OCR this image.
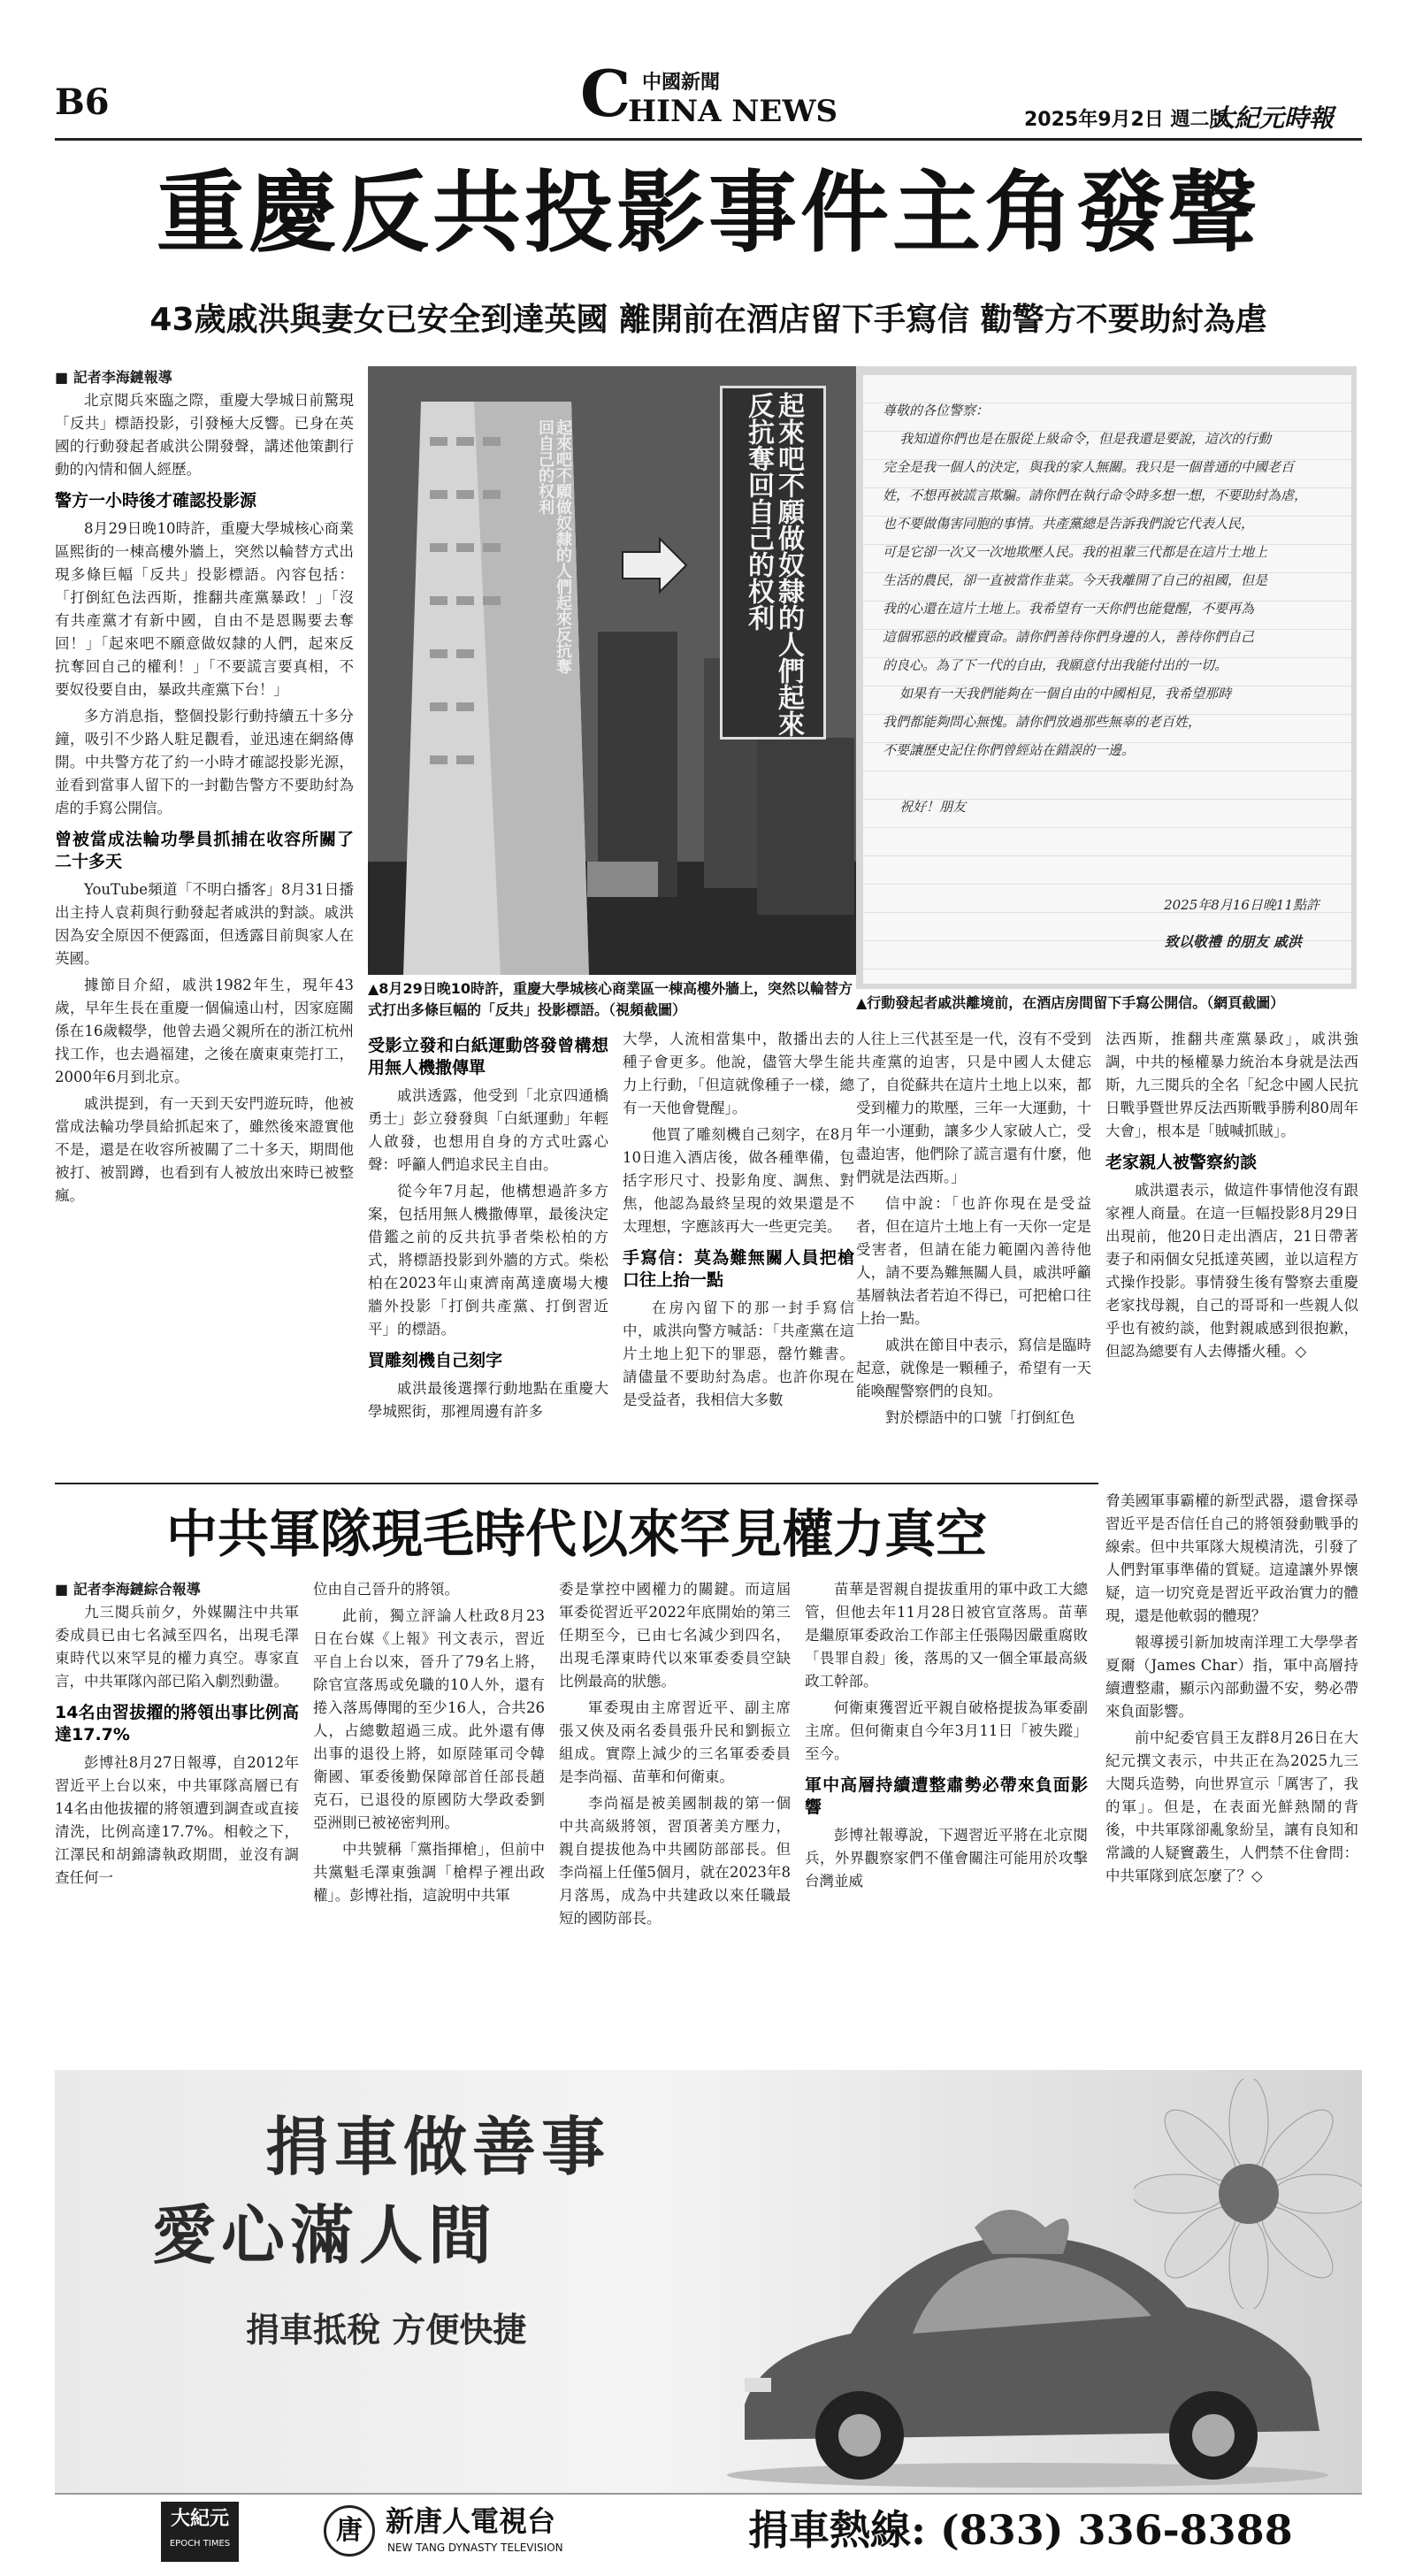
B6	C 中國新聞
HINA NEWS	2025年9月2日 週二版
大紀元時報
重慶反共投影事件主角發聲
43歲戚洪與妻女已安全到達英國 離開前在酒店留下手寫信 勸警方不要助紂為虐
■ 記者李海鏈報導
北京閱兵來臨之際，重慶大學城日前驚現「反共」標語投影，引發極大反響。已身在英國的行動發起者戚洪公開發聲，講述他策劃行動的內情和個人經歷。
警方一小時後才確認投影源
8月29日晚10時許，重慶大學城核心商業區熙街的一棟高樓外牆上，突然以輪替方式出現多條巨幅「反共」投影標語。內容包括：「打倒紅色法西斯，推翻共產黨暴政！」「沒有共產黨才有新中國，自由不是恩賜要去奪回！」「起來吧不願意做奴隸的人們，起來反抗奪回自己的權利！」「不要謊言要真相，不要奴役要自由，暴政共產黨下台！」
多方消息指，整個投影行動持續五十多分鐘，吸引不少路人駐足觀看，並迅速在網絡傳開。中共警方花了約一小時才確認投影光源，並看到當事人留下的一封勸告警方不要助紂為虐的手寫公開信。
曾被當成法輪功學員抓捕在收容所關了二十多天
YouTube頻道「不明白播客」8月31日播出主持人袁莉與行動發起者戚洪的對談。戚洪因為安全原因不便露面，但透露目前與家人在英國。
據節目介紹，戚洪1982年生，現年43歲，早年生長在重慶一個偏遠山村，因家庭關係在16歲輟學，他曾去過父親所在的浙江杭州找工作，也去過福建，之後在廣東東莞打工，2000年6月到北京。
戚洪提到，有一天到天安門遊玩時，他被當成法輪功學員給抓起來了，雖然後來證實他不是，還是在收容所被關了二十多天，期間他被打、被罰蹲，也看到有人被放出來時已被整瘋。
起來吧不願做奴隸的人們起來反抗奪回自己的权利	起來吧不願做奴隸的人們起來反抗奪回自己的权利
▲8月29日晚10時許，重慶大學城核心商業區一棟高樓外牆上，突然以輪替方式打出多條巨幅的「反共」投影標語。（視頻截圖）
尊敬的各位警察：
我知道你們也是在服從上級命令，但是我還是要說，這次的行動
完全是我一個人的決定，與我的家人無關。我只是一個普通的中國老百
姓，不想再被謊言欺騙。請你們在執行命令時多想一想，不要助紂為虐，
也不要做傷害同胞的事情。共產黨總是告訴我們說它代表人民，
可是它卻一次又一次地欺壓人民。我的祖輩三代都是在這片土地上
生活的農民，卻一直被當作韭菜。今天我離開了自己的祖國，但是
我的心還在這片土地上。我希望有一天你們也能覺醒，不要再為
這個邪惡的政權賣命。請你們善待你們身邊的人，善待你們自己
的良心。為了下一代的自由，我願意付出我能付出的一切。
如果有一天我們能夠在一個自由的中國相見，我希望那時
我們都能夠問心無愧。請你們放過那些無辜的老百姓，
不要讓歷史記住你們曾經站在錯誤的一邊。
祝好！朋友
2025年8月16日晚11點許
致以敬禮 的朋友 戚洪
▲行動發起者戚洪離境前，在酒店房間留下手寫公開信。（網頁截圖）
受影立發和白紙運動啓發曾構想用無人機撒傳單
戚洪透露，他受到「北京四通橋勇士」彭立發發與「白紙運動」年輕人啟發，也想用自身的方式吐露心聲：呼籲人們追求民主自由。
從今年7月起，他構想過許多方案，包括用無人機撒傳單，最後決定借鑑之前的反共抗爭者柴松柏的方式，將標語投影到外牆的方式。柴松柏在2023年山東濟南萬達廣場大樓牆外投影「打倒共產黨、打倒習近平」的標語。
買雕刻機自己刻字
戚洪最後選擇行動地點在重慶大學城熙街，那裡周邊有許多
大學，人流相當集中，散播出去的種子會更多。他說，儘管大學生能力上行動，「但這就像種子一樣，總有一天他會覺醒」。
他買了雕刻機自己刻字，在8月10日進入酒店後，做各種準備，包括字形尺寸、投影角度、調焦、對焦，他認為最終呈現的效果還是不太理想，字應該再大一些更完美。
手寫信：莫為難無關人員把槍口往上抬一點
在房內留下的那一封手寫信中，戚洪向警方喊話：「共產黨在這片土地上犯下的罪惡，罄竹難書。請儘量不要助紂為虐。也許你現在是受益者，我相信大多數
人往上三代甚至是一代，沒有不受到共產黨的迫害，只是中國人太健忘了，自從蘇共在這片土地上以來，都受到權力的欺壓，三年一大運動，十年一小運動，讓多少人家破人亡，受盡迫害，他們除了謊言還有什麼，他們就是法西斯。」
信中說：「也許你現在是受益者，但在這片土地上有一天你一定是受害者，但請在能力範圍內善待他人，請不要為難無關人員，戚洪呼籲基層執法者若迫不得已，可把槍口往上抬一點。
戚洪在節目中表示，寫信是臨時起意，就像是一顆種子，希望有一天能喚醒警察們的良知。
對於標語中的口號「打倒紅色
法西斯，推翻共產黨暴政」，戚洪強調，中共的極權暴力統治本身就是法西斯，九三閱兵的全名「紀念中國人民抗日戰爭暨世界反法西斯戰爭勝利80周年大會」，根本是「賊喊抓賊」。
老家親人被警察約談
戚洪還表示，做這件事情他沒有跟家裡人商量。在這一巨幅投影8月29日出現前，他20日走出酒店，21日帶著妻子和兩個女兒抵達英國，並以這程方式操作投影。事情發生後有警察去重慶老家找母親，自己的哥哥和一些親人似乎也有被約談，他對親戚感到很抱歉，但認為總要有人去傳播火種。◇
中共軍隊現毛時代以來罕見權力真空
■ 記者李海鏈綜合報導
九三閱兵前夕，外媒關注中共軍委成員已由七名減至四名，出現毛澤東時代以來罕見的權力真空。專家直言，中共軍隊內部已陷入劇烈動盪。
14名由習拔擢的將領出事比例高達17.7%
彭博社8月27日報導，自2012年習近平上台以來，中共軍隊高層已有14名由他拔擢的將領遭到調查或直接清洗，比例高達17.7%。相較之下，江澤民和胡錦濤執政期間，並沒有調查任何一
位由自己晉升的將領。
此前，獨立評論人杜政8月23日在台媒《上報》刊文表示，習近平自上台以來，晉升了79名上將，除官宣落馬或免職的10人外，還有捲入落馬傳聞的至少16人，合共26人，占總數超過三成。此外還有傳出事的退役上將，如原陸軍司令韓衛國、軍委後勤保障部首任部長趙克石，已退役的原國防大學政委劉亞洲則已被祕密判刑。
中共號稱「黨指揮槍」，但前中共黨魁毛澤東強調「槍桿子裡出政權」。彭博社指，這說明中共軍
委是掌控中國權力的關鍵。而這屆軍委從習近平2022年底開始的第三任期至今，已由七名減少到四名，出現毛澤東時代以來軍委委員空缺比例最高的狀態。
軍委現由主席習近平、副主席張又俠及兩名委員張升民和劉振立組成。實際上減少的三名軍委委員是李尚福、苗華和何衛東。
李尚福是被美國制裁的第一個中共高級將領，習頂著美方壓力，親自提拔他為中共國防部部長。但李尚福上任僅5個月，就在2023年8月落馬，成為中共建政以來任職最短的國防部長。
苗華是習親自提拔重用的軍中政工大總管，但他去年11月28日被官宣落馬。苗華是繼原軍委政治工作部主任張陽因嚴重腐敗「畏罪自殺」後，落馬的又一個全軍最高級政工幹部。
何衛東獲習近平親自破格提拔為軍委副主席。但何衛東自今年3月11日「被失蹤」至今。
軍中高層持續遭整肅勢必帶來負面影響
彭博社報導說，下週習近平將在北京閱兵，外界觀察家們不僅會關注可能用於攻擊台灣並威
脅美國軍事霸權的新型武器，還會探尋習近平是否信任自己的將領發動戰爭的線索。但中共軍隊大規模清洗，引發了人們對軍事準備的質疑。這違讓外界懷疑，這一切究竟是習近平政治實力的體現，還是他軟弱的體現？
報導援引新加坡南洋理工大學學者夏爾（James Char）指，軍中高層持續遭整肅，顯示內部動盪不安，勢必帶來負面影響。
前中紀委官員王友群8月26日在大紀元撰文表示，中共正在為2025九三大閱兵造勢，向世界宣示「厲害了，我的軍」。但是，在表面光鮮熱鬧的背後，中共軍隊卻亂象紛呈，讓有良知和常識的人疑竇叢生，人們禁不住會問：中共軍隊到底怎麼了？◇
捐車做善事
愛心滿人間
捐車抵稅 方便快捷
大紀元
EPOCH TIMES	唐 新唐人電視台
NEW TANG DYNASTY TELEVISION	捐車熱線: (833) 336-8388
